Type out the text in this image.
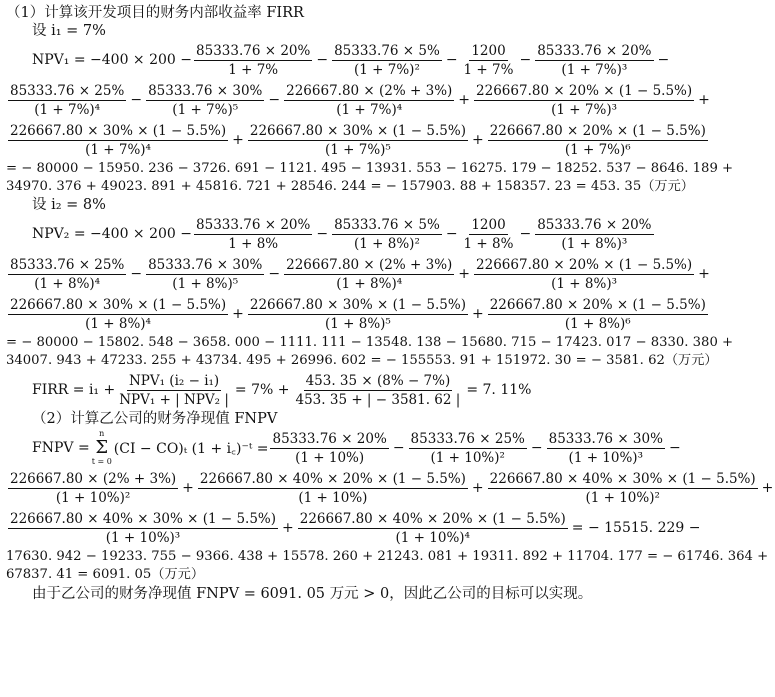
（1）计算该开发项目的财务内部收益率 FIRR
设 i₁ = 7%
$NPV_1 = -400 \times 200 - \frac{85333.76 \times 20\%}{1 + 7\%} - \frac{85333.76 \times 5\%}{\text{(1 + 7\%)²}} - \frac{1200}{1 + 7\%} - \frac{85333.76 \times 20\%}{\text{(1 + 7\%)³}}$ −
$\frac{85333.76 \times 25\%}{\text{(1 + 7\%)⁴}} - \frac{85333.76 \times 30\%}{\text{(1 + 7\%)⁵}} - \frac{226667.80 \times (2\% + 3\%)}{\text{(1 + 7\%)⁴}} + \frac{226667.80 \times 20\% \times (1 - 5.5\%)}{\text{(1 + 7\%)³}}$ +
$\frac{226667.80 \times 30\% \times (1 - 5.5\%)}{\text{(1 + 7\%)⁴}} + \frac{226667.80 \times 30\% \times (1 - 5.5\%)}{\text{(1 + 7\%)⁵}} + \frac{226667.80 \times 20\% \times (1 - 5.5\%)}{\text{(1 + 7\%)⁶}}$
= − 80000 − 15950. 236 − 3726. 691 − 1121. 495 − 13931. 553 − 16275. 179 − 18252. 537 − 8646. 189 +
34970. 376 + 49023. 891 + 45816. 721 + 28546. 244 = − 157903. 88 + 158357. 23 = 453. 35（万元）
设 i₂ = 8%
$NPV_2 = -400 \times 200 - \frac{85333.76 \times 20\%}{1 + 8\%} - \frac{85333.76 \times 5\%}{\text{(1 + 8\%)²}} - \frac{1200}{1 + 8\%} - \frac{85333.76 \times 20\%}{\text{(1 + 8\%)³}}$
$\frac{85333.76 \times 25\%}{\text{(1 + 8\%)⁴}} - \frac{85333.76 \times 30\%}{\text{(1 + 8\%)⁵}} - \frac{226667.80 \times (2\% + 3\%)}{\text{(1 + 8\%)⁴}} + \frac{226667.80 \times 20\% \times (1 - 5.5\%)}{\text{(1 + 8\%)³}}$ +
$\frac{226667.80 \times 30\% \times (1 - 5.5\%)}{\text{(1 + 8\%)⁴}} + \frac{226667.80 \times 30\% \times (1 - 5.5\%)}{\text{(1 + 8\%)⁵}} + \frac{226667.80 \times 20\% \times (1 - 5.5\%)}{\text{(1 + 8\%)⁶}}$
= − 80000 − 15802. 548 − 3658. 000 − 1111. 111 − 13548. 138 − 15680. 715 − 17423. 017 − 8330. 380 +
34007. 943 + 47233. 255 + 43734. 495 + 26996. 602 = − 155553. 91 + 151972. 30 = − 3581. 62（万元）
FIRR = $i_1 + \frac{\text{NPV₁ (i₂ − i₁)}}{\text{NPV₁ + | NPV₂ |}} = 7\% + \frac{453. 35 \times (8\% - 7\%)}{453. 35 + | - 3581. 62 |} = 7$. 11%
（2）计算乙公司的财务净现值 FNPV
FNPV =
n
Σ
t = 0
(CI − CO)ₜ (1 + i꜀)⁻ᵗ = $\frac{85333.76 \times 20\%}{(1 + 10\%)} - \frac{85333.76 \times 25\%}{\text{(1 + 10\%)²}} - \frac{85333.76 \times 30\%}{\text{(1 + 10\%)³}}$ −
$\frac{226667.80 \times (2\% + 3\%)}{\text{(1 + 10\%)²}} + \frac{226667.80 \times 40\% \times 20\% \times (1 - 5.5\%)}{(1 + 10\%)} + \frac{226667.80 \times 40\% \times 30\% \times (1 - 5.5\%)}{\text{(1 + 10\%)²}}$ +
$\frac{226667.80 \times 40\% \times 30\% \times (1 - 5.5\%)}{\text{(1 + 10\%)³}} + \frac{226667.80 \times 40\% \times 20\% \times (1 - 5.5\%)}{\text{(1 + 10\%)⁴}}$ = − 15515. 229 −
17630. 942 − 19233. 755 − 9366. 438 + 15578. 260 + 21243. 081 + 19311. 892 + 11704. 177 = − 61746. 364 +
67837. 41 = 6091. 05（万元）
由于乙公司的财务净现值 FNPV = 6091. 05 万元 > 0，因此乙公司的目标可以实现。
